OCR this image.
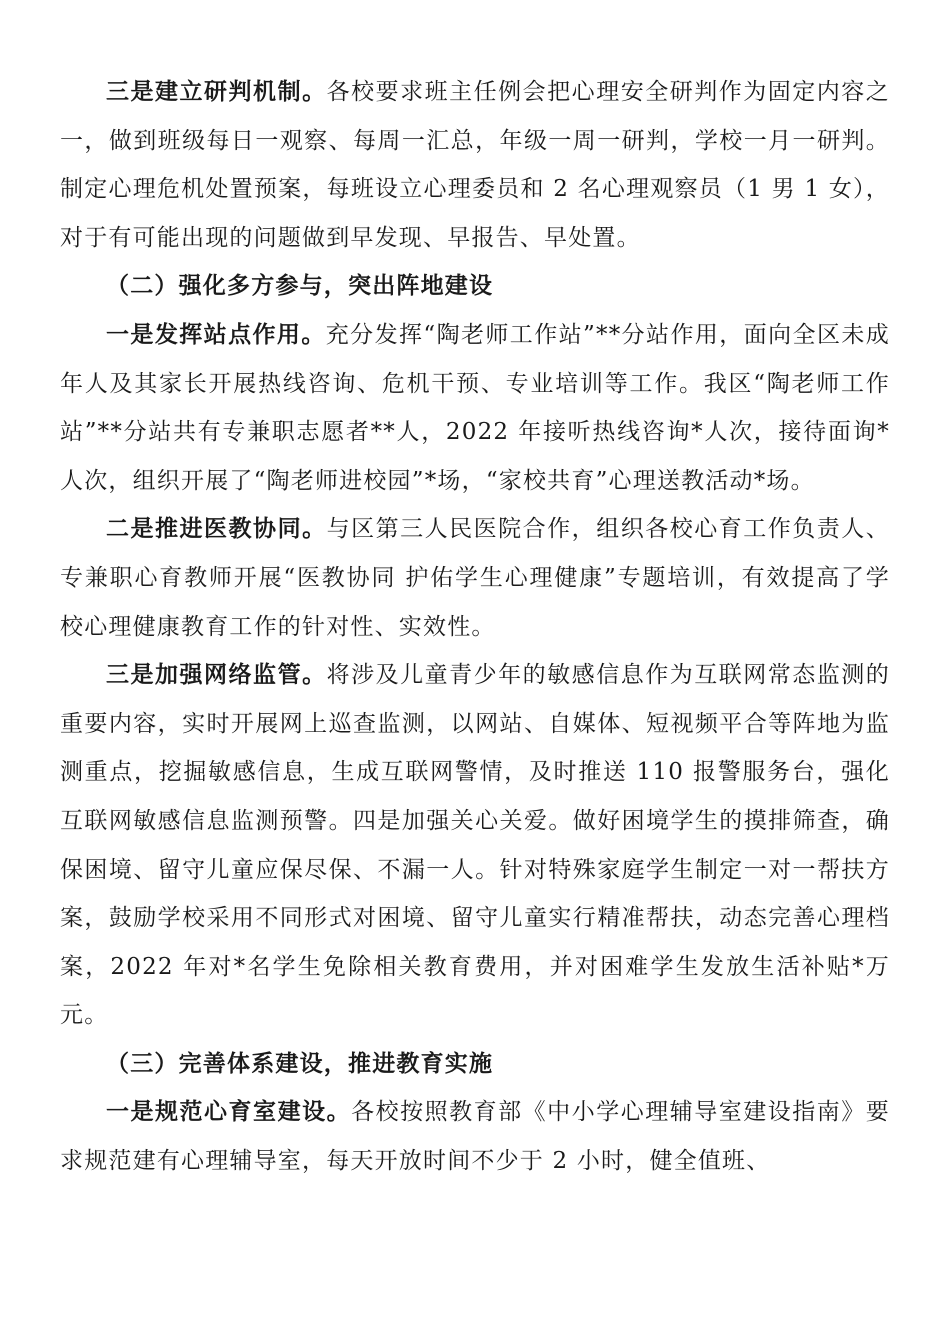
三是建立研判机制。各校要求班主任例会把心理安全研判作为固定内容之一，做到班级每日一观察、每周一汇总，年级一周一研判，学校一月一研判。制定心理危机处置预案，每班设立心理委员和 2 名心理观察员（1 男 1 女），对于有可能出现的问题做到早发现、早报告、早处置。

（二）强化多方参与，突出阵地建设

一是发挥站点作用。充分发挥“陶老师工作站”**分站作用，面向全区未成年人及其家长开展热线咨询、危机干预、专业培训等工作。我区“陶老师工作站”**分站共有专兼职志愿者**人，2022 年接听热线咨询*人次，接待面询*人次，组织开展了“陶老师进校园”*场，“家校共育”心理送教活动*场。

二是推进医教协同。与区第三人民医院合作，组织各校心育工作负责人、专兼职心育教师开展“医教协同 护佑学生心理健康”专题培训，有效提高了学校心理健康教育工作的针对性、实效性。

三是加强网络监管。将涉及儿童青少年的敏感信息作为互联网常态监测的重要内容，实时开展网上巡查监测，以网站、自媒体、短视频平合等阵地为监测重点，挖掘敏感信息，生成互联网警情，及时推送 110 报警服务台，强化互联网敏感信息监测预警。四是加强关心关爱。做好困境学生的摸排筛查，确保困境、留守儿童应保尽保、不漏一人。针对特殊家庭学生制定一对一帮扶方案，鼓励学校采用不同形式对困境、留守儿童实行精准帮扶，动态完善心理档案，2022 年对*名学生免除相关教育费用，并对困难学生发放生活补贴*万元。

（三）完善体系建设，推进教育实施

一是规范心育室建设。各校按照教育部《中小学心理辅导室建设指南》要求规范建有心理辅导室，每天开放时间不少于 2 小时，健全值班、
